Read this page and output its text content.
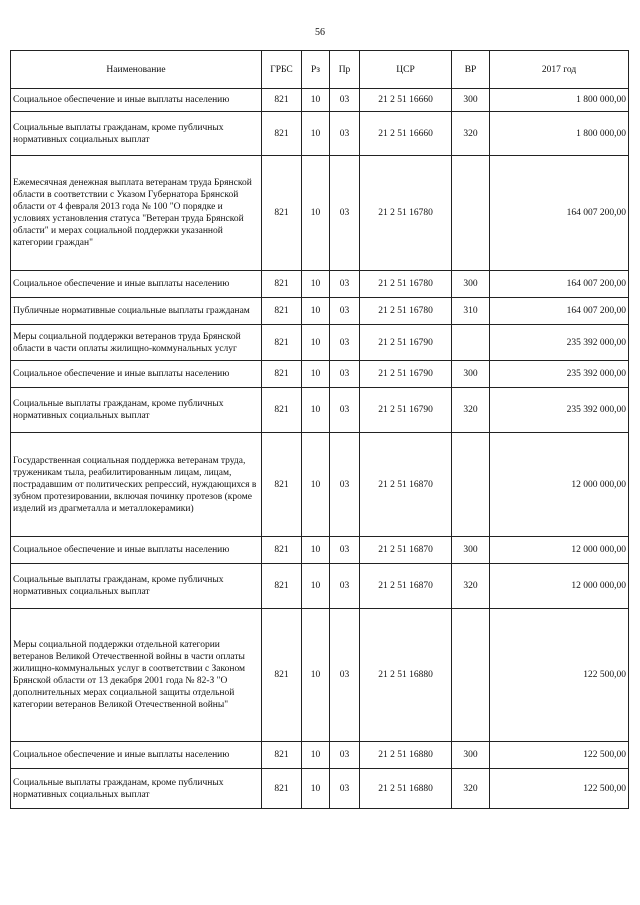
56
Наименование	ГРБС	Рз	Пр	ЦСР	ВР	2017 год
Социальное обеспечение и иные выплаты населению	821	10	03	21 2 51 16660	300	1 800 000,00
Социальные выплаты гражданам, кроме публичных нормативных социальных выплат	821	10	03	21 2 51 16660	320	1 800 000,00
Ежемесячная денежная выплата ветеранам труда Брянской области в соответствии с Указом Губернатора Брянской области от 4 февраля 2013 года № 100 "О порядке и условиях установления статуса "Ветеран труда Брянской области" и мерах социальной поддержки указанной категории граждан"	821	10	03	21 2 51 16780		164 007 200,00
Социальное обеспечение и иные выплаты населению	821	10	03	21 2 51 16780	300	164 007 200,00
Публичные нормативные социальные выплаты гражданам	821	10	03	21 2 51 16780	310	164 007 200,00
Меры социальной поддержки ветеранов труда Брянской области в части оплаты жилищно-коммунальных услуг	821	10	03	21 2 51 16790		235 392 000,00
Социальное обеспечение и иные выплаты населению	821	10	03	21 2 51 16790	300	235 392 000,00
Социальные выплаты гражданам, кроме публичных нормативных социальных выплат	821	10	03	21 2 51 16790	320	235 392 000,00
Государственная социальная поддержка ветеранам труда, труженикам тыла, реабилитированным лицам, лицам, пострадавшим от политических репрессий, нуждающихся в зубном протезировании, включая починку протезов (кроме изделий из драгметалла и металлокерамики)	821	10	03	21 2 51 16870		12 000 000,00
Социальное обеспечение и иные выплаты населению	821	10	03	21 2 51 16870	300	12 000 000,00
Социальные выплаты гражданам, кроме публичных нормативных социальных выплат	821	10	03	21 2 51 16870	320	12 000 000,00
Меры социальной поддержки отдельной категории ветеранов Великой Отечественной войны в части оплаты жилищно-коммунальных услуг в соответствии с Законом Брянской области от 13 декабря 2001 года № 82-З "О дополнительных мерах социальной защиты отдельной категории ветеранов Великой Отечественной войны"	821	10	03	21 2 51 16880		122 500,00
Социальное обеспечение и иные выплаты населению	821	10	03	21 2 51 16880	300	122 500,00
Социальные выплаты гражданам, кроме публичных нормативных социальных выплат	821	10	03	21 2 51 16880	320	122 500,00
